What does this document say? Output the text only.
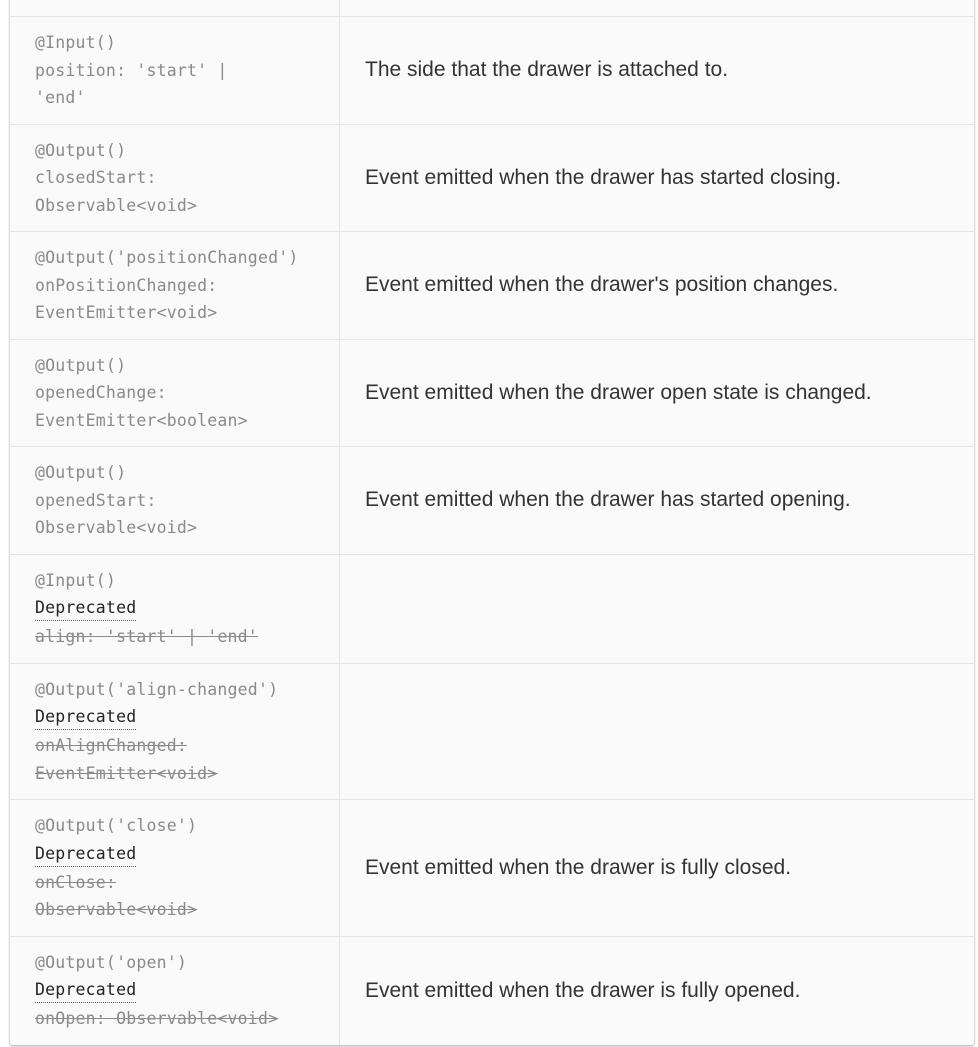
@Input()
position: 'start' |
'end'
The side that the drawer is attached to.
@Output()
closedStart:
Observable<void>
Event emitted when the drawer has started closing.
@Output('positionChanged')
onPositionChanged:
EventEmitter<void>
Event emitted when the drawer's position changes.
@Output()
openedChange:
EventEmitter<boolean>
Event emitted when the drawer open state is changed.
@Output()
openedStart:
Observable<void>
Event emitted when the drawer has started opening.
@Input()
Deprecated
align: 'start' | 'end'
@Output('align-changed')
Deprecated
onAlignChanged:
EventEmitter<void>
@Output('close')
Deprecated
onClose:
Observable<void>
Event emitted when the drawer is fully closed.
@Output('open')
Deprecated
onOpen: Observable<void>
Event emitted when the drawer is fully opened.
